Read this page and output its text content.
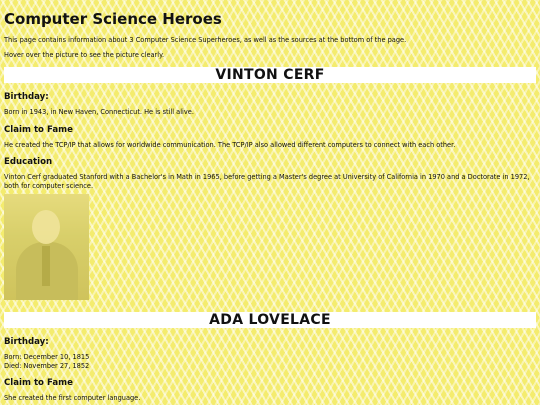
Computer Science Heroes

This page contains information about 3 Computer Science Superheroes, as well as the sources at the bottom of the page.

Hover over the picture to see the picture clearly.

VINTON CERF
Birthday:

Born in 1943, in New Haven, Connecticut. He is still alive.

Claim to Fame

He created the TCP/IP that allows for worldwide communication. The TCP/IP also allowed different computers to connect with each other.

Education

Vinton Cerf graduated Stanford with a Bachelor's in Math in 1965, before getting a Master's degree at University of California in 1970 and a Doctorate in 1972, both for computer science.

ADA LOVELACE
Birthday:

Born: December 10, 1815

Died: November 27, 1852

Claim to Fame

She created the first computer language.
